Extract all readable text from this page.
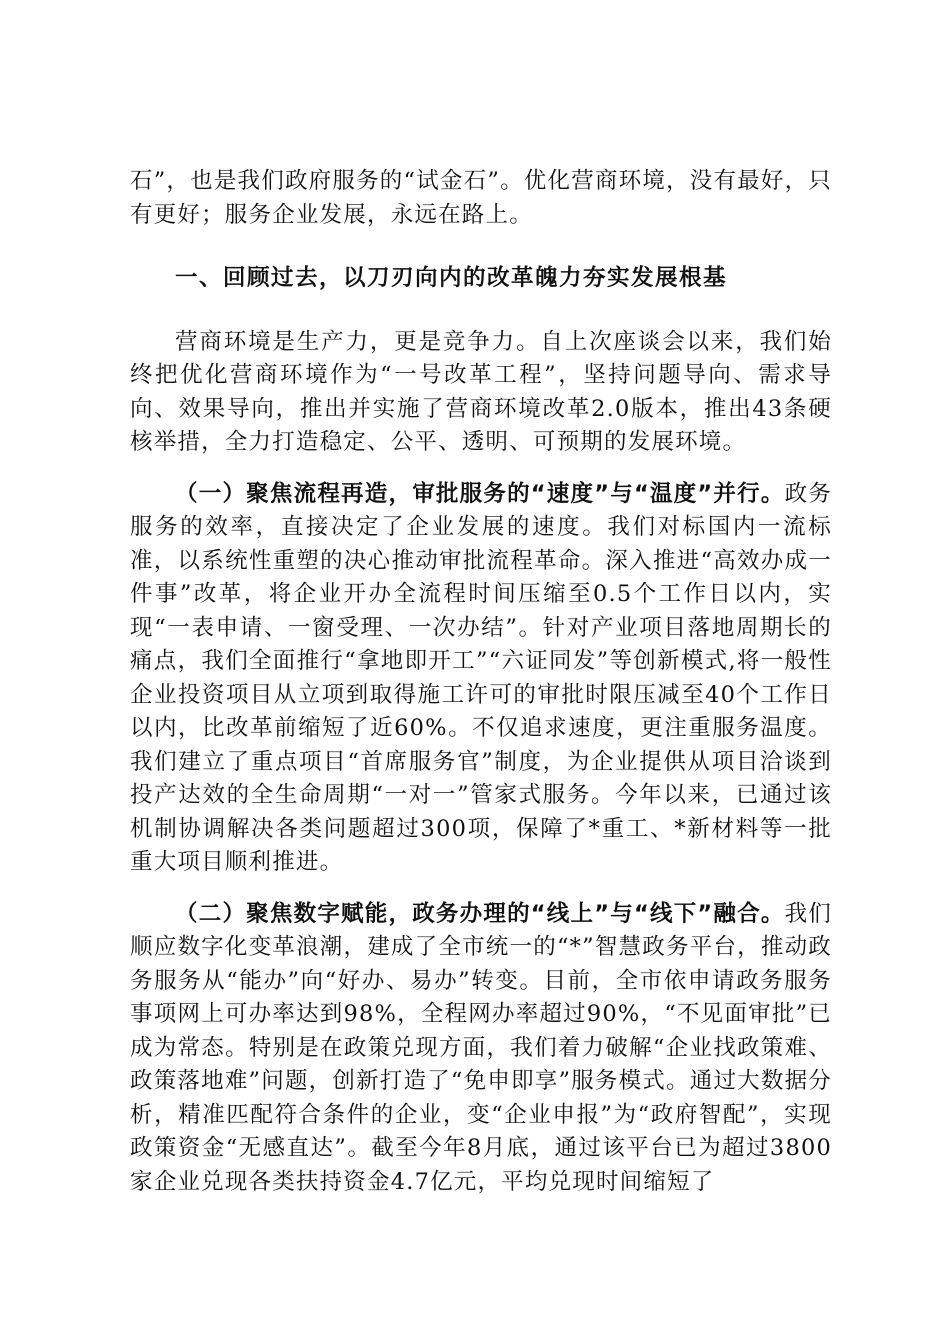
石”，也是我们政府服务的“试金石”。优化营商环境，没有最好，只有更好；服务企业发展，永远在路上。

一、回顾过去，以刀刃向内的改革魄力夯实发展根基

营商环境是生产力，更是竞争力。自上次座谈会以来，我们始终把优化营商环境作为“一号改革工程”，坚持问题导向、需求导向、效果导向，推出并实施了营商环境改革2.0版本，推出43条硬核举措，全力打造稳定、公平、透明、可预期的发展环境。

（一）聚焦流程再造，审批服务的“速度”与“温度”并行。政务服务的效率，直接决定了企业发展的速度。我们对标国内一流标准，以系统性重塑的决心推动审批流程革命。深入推进“高效办成一件事”改革，将企业开办全流程时间压缩至0.5个工作日以内，实现“一表申请、一窗受理、一次办结”。针对产业项目落地周期长的痛点，我们全面推行“拿地即开工”“六证同发”等创新模式,将一般性企业投资项目从立项到取得施工许可的审批时限压减至40个工作日以内，比改革前缩短了近60%。不仅追求速度，更注重服务温度。我们建立了重点项目“首席服务官”制度，为企业提供从项目洽谈到投产达效的全生命周期“一对一”管家式服务。今年以来，已通过该机制协调解决各类问题超过300项，保障了*重工、*新材料等一批重大项目顺利推进。

（二）聚焦数字赋能，政务办理的“线上”与“线下”融合。我们顺应数字化变革浪潮，建成了全市统一的“*”智慧政务平台，推动政务服务从“能办”向“好办、易办”转变。目前，全市依申请政务服务事项网上可办率达到98%，全程网办率超过90%，“不见面审批”已成为常态。特别是在政策兑现方面，我们着力破解“企业找政策难、政策落地难”问题，创新打造了“免申即享”服务模式。通过大数据分析，精准匹配符合条件的企业，变“企业申报”为“政府智配”，实现政策资金“无感直达”。截至今年8月底，通过该平台已为超过3800家企业兑现各类扶持资金4.7亿元，平均兑现时间缩短了
